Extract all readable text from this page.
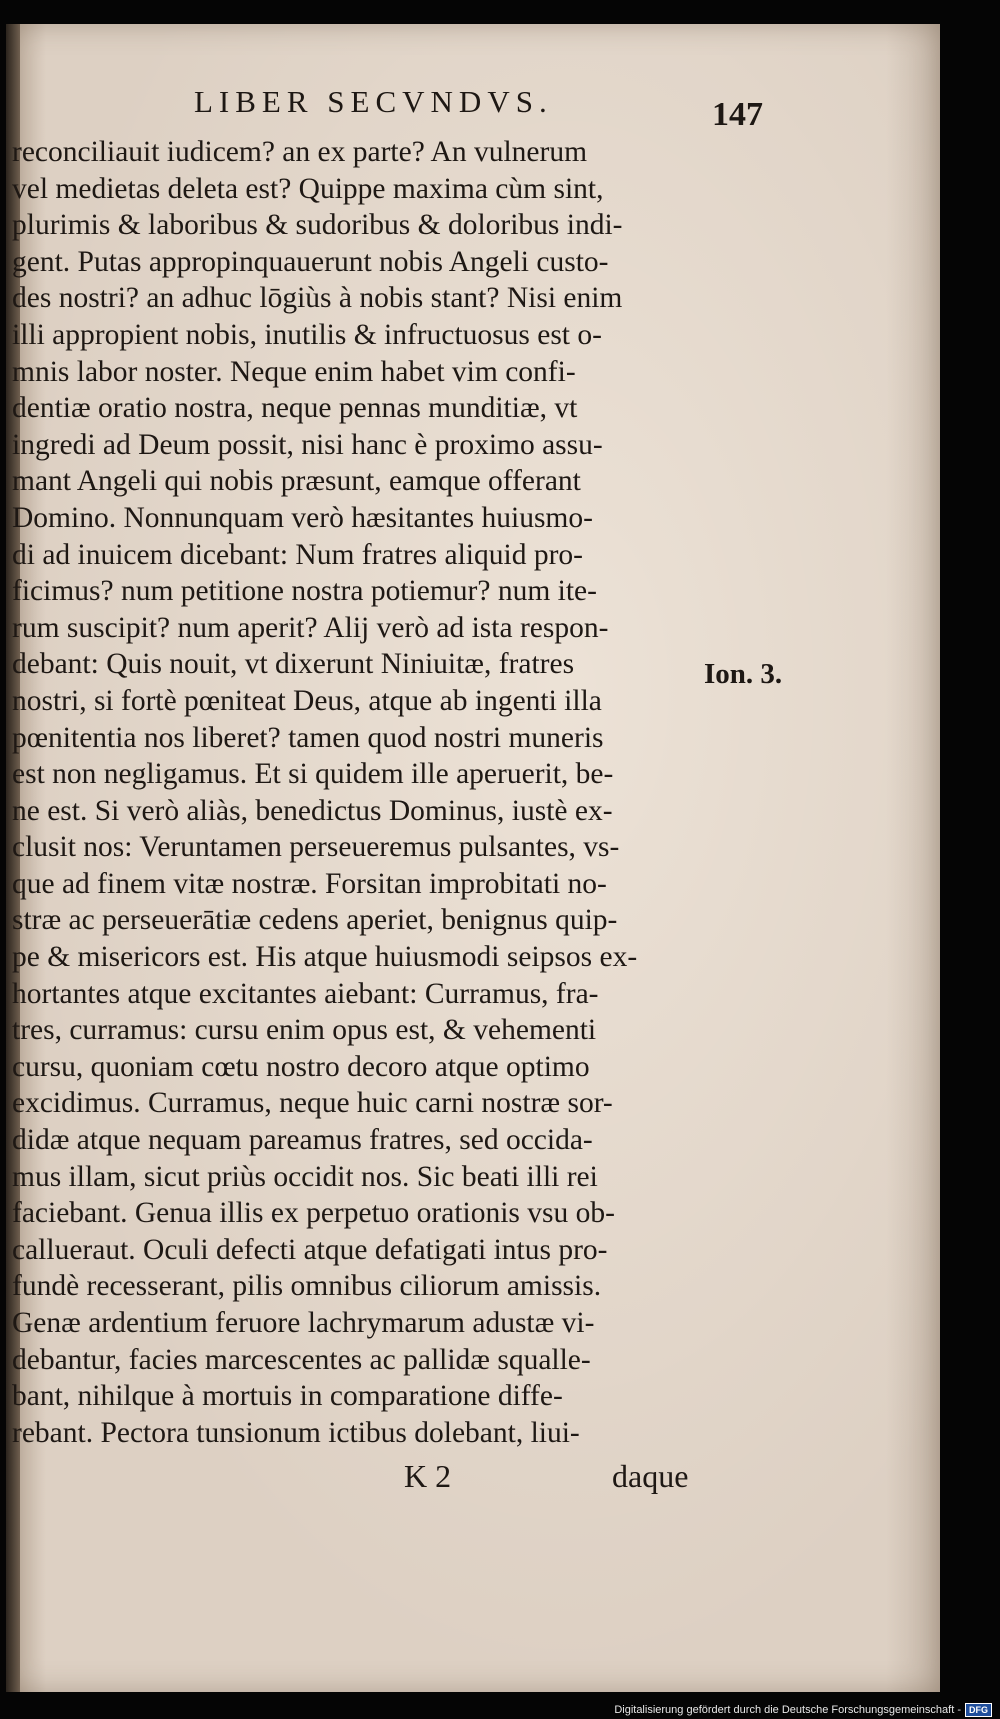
LIBER SECVNDVS.	147
reconciliauit iudicem? an ex parte? An vulnerum
vel medietas deleta est? Quippe maxima cùm sint,
plurimis & laboribus & sudoribus & doloribus indi-
gent. Putas appropinquauerunt nobis Angeli custo-
des nostri? an adhuc lōgiùs à nobis stant? Nisi enim
illi appropient nobis, inutilis & infructuosus est o-
mnis labor noster. Neque enim habet vim confi-
dentiæ oratio nostra, neque pennas munditiæ, vt
ingredi ad Deum possit, nisi hanc è proximo assu-
mant Angeli qui nobis præsunt, eamque offerant
Domino. Nonnunquam verò hæsitantes huiusmo-
di ad inuicem dicebant: Num fratres aliquid pro-
ficimus? num petitione nostra potiemur? num ite-
rum suscipit? num aperit? Alij verò ad ista respon-
debant: Quis nouit, vt dixerunt Niniuitæ, fratres
nostri, si fortè pœniteat Deus, atque ab ingenti illa
pœnitentia nos liberet? tamen quod nostri muneris
est non negligamus. Et si quidem ille aperuerit, be-
ne est. Si verò aliàs, benedictus Dominus, iustè ex-
clusit nos: Veruntamen perseueremus pulsantes, vs-
que ad finem vitæ nostræ. Forsitan improbitati no-
stræ ac perseuerātiæ cedens aperiet, benignus quip-
pe & misericors est. His atque huiusmodi seipsos ex-
hortantes atque excitantes aiebant: Curramus, fra-
tres, curramus: cursu enim opus est, & vehementi
cursu, quoniam cœtu nostro decoro atque optimo
excidimus. Curramus, neque huic carni nostræ sor-
didæ atque nequam pareamus fratres, sed occida-
mus illam, sicut priùs occidit nos. Sic beati illi rei
faciebant. Genua illis ex perpetuo orationis vsu ob-
callueraut. Oculi defecti atque defatigati intus pro-
fundè recesserant, pilis omnibus ciliorum amissis.
Genæ ardentium feruore lachrymarum adustæ vi-
debantur, facies marcescentes ac pallidæ squalle-
bant, nihilque à mortuis in comparatione diffe-
rebant. Pectora tunsionum ictibus dolebant, liui-
Ion. 3.
K 2	daque
Digitalisierung gefördert durch die Deutsche Forschungsgemeinschaft - DFG
